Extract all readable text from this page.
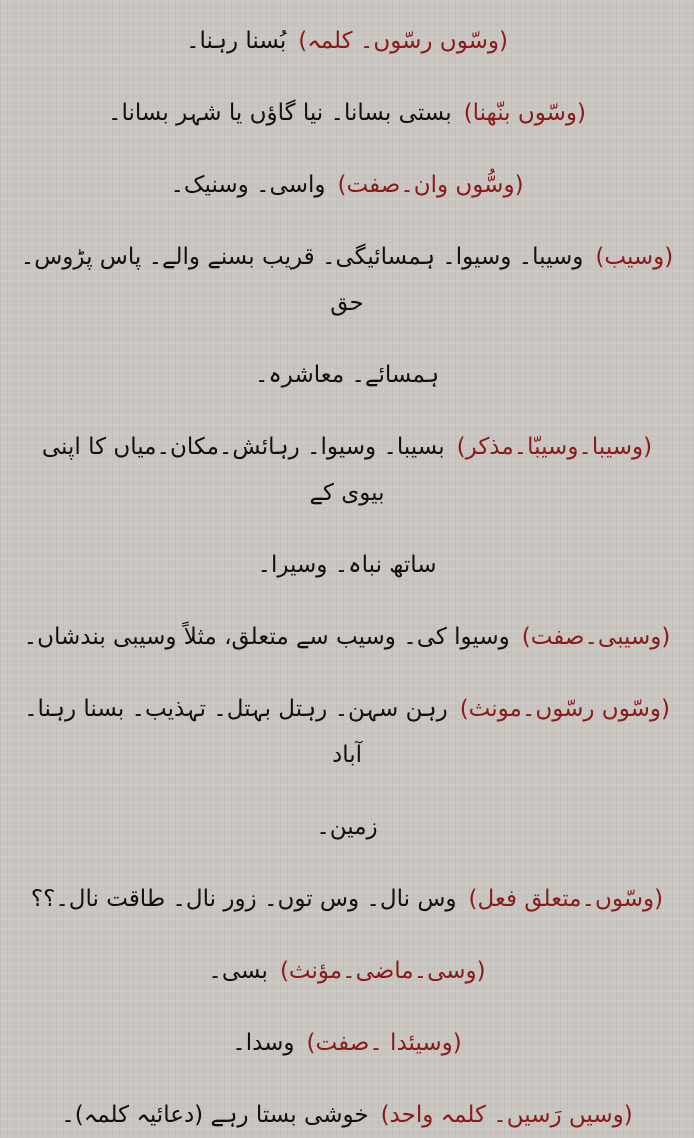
(وسّوں رسّوں۔ کلمہ)بُسنا رہنا۔
(وسّوں بنّھنا)بستی بسانا۔ نیا گاؤں یا شہر بسانا۔
(وسُّوں وان۔صفت)واسی۔ وسنیک۔
(وسیب)وسیبا۔ وسیوا۔ ہمسائیگی۔ قریب بسنے والے۔ پاس پڑوس۔ حق
ہمسائے۔ معاشرہ۔
(وسیبا۔وسیبّا۔مذکر)بسیبا۔ وسیوا۔ رہائش۔مکان۔میاں کا اپنی بیوی کے
ساتھ نباہ۔ وسیرا۔
(وسیبی۔صفت)وسیوا کی۔ وسیب سے متعلق، مثلاً وسیبی بندشاں۔
(وسّوں رسّوں۔مونث)رہن سہن۔ رہتل بہتل۔ تہذیب۔ بسنا رہنا۔ آباد
زمین۔
(وسّوں۔متعلق فعل)وس نال۔ وس توں۔ زور نال۔ طاقت نال۔؟؟
(وسی۔ماضی۔مؤنث)بسی۔
(وسیئدا ۔صفت)وسدا۔
(وسیں رَسیں۔ کلمہ واحد)خوشی بستا رہے (دعائیہ کلمہ)۔
